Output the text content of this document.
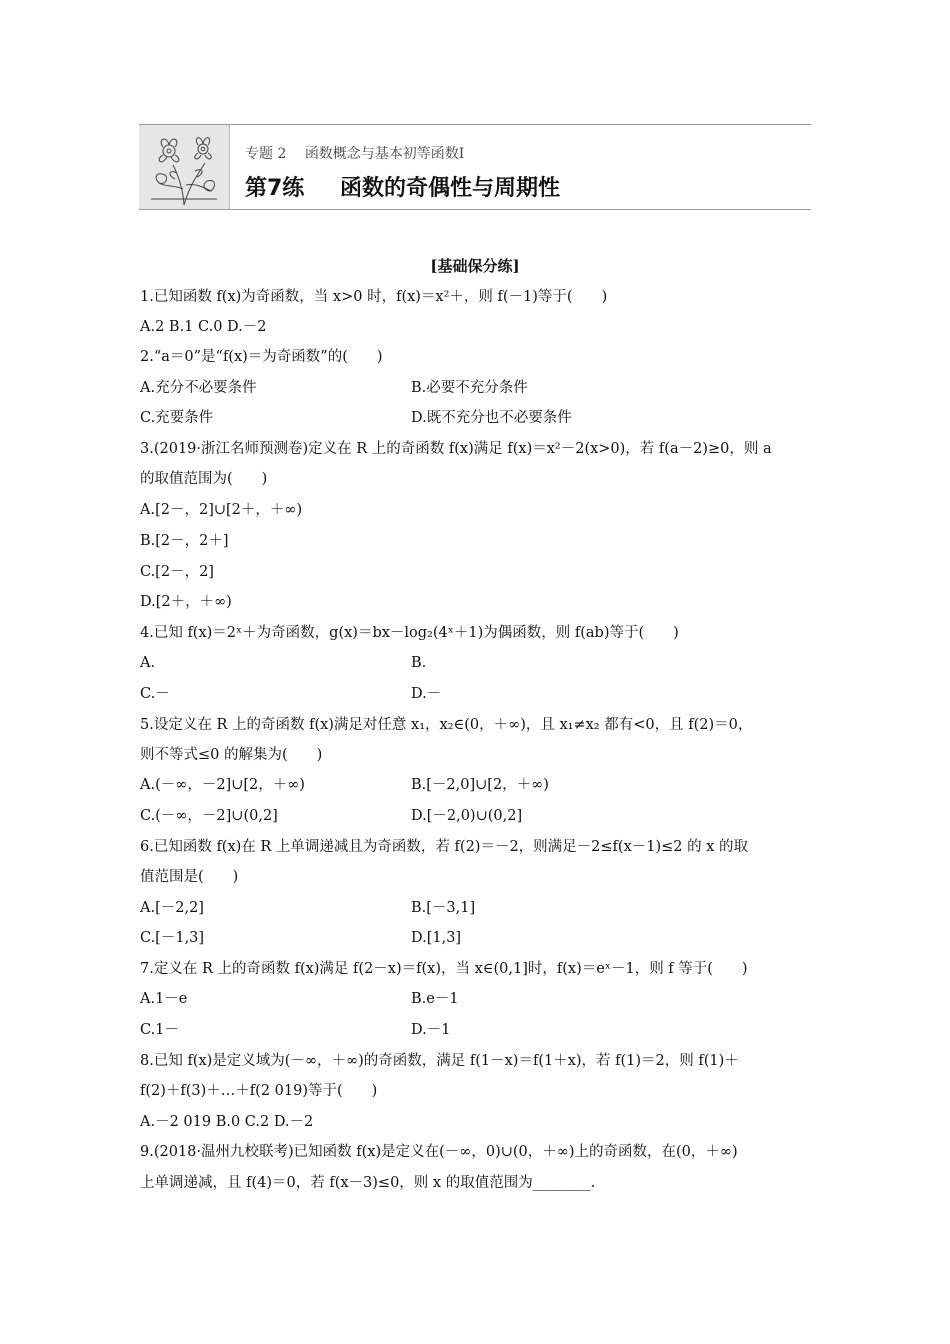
专题 2 函数概念与基本初等函数Ⅰ
第7练 函数的奇偶性与周期性
[基础保分练]
1.已知函数 f(x)为奇函数，当 x>0 时，f(x)＝x²＋，则 f(－1)等于(　　)
A.2 B.1 C.0 D.－2
2.“a＝0”是“f(x)＝为奇函数”的(　　)
A.充分不必要条件	B.必要不充分条件
C.充要条件	D.既不充分也不必要条件
3.(2019·浙江名师预测卷)定义在 R 上的奇函数 f(x)满足 f(x)＝x²－2(x>0)，若 f(a－2)≥0，则 a
的取值范围为(　　)
A.[2－，2]∪[2＋，＋∞)
B.[2－，2＋]
C.[2－，2]
D.[2＋，＋∞)
4.已知 f(x)＝2ˣ＋为奇函数，g(x)＝bx－log₂(4ˣ＋1)为偶函数，则 f(ab)等于(　　)
A.	B.
C.－	D.－
5.设定义在 R 上的奇函数 f(x)满足对任意 x₁，x₂∈(0，＋∞)，且 x₁≠x₂ 都有<0，且 f(2)＝0，
则不等式≤0 的解集为(　　)
A.(－∞，－2]∪[2，＋∞)	B.[－2,0]∪[2，＋∞)
C.(－∞，－2]∪(0,2]	D.[－2,0)∪(0,2]
6.已知函数 f(x)在 R 上单调递减且为奇函数，若 f(2)＝－2，则满足－2≤f(x－1)≤2 的 x 的取
值范围是(　　)
A.[－2,2]	B.[－3,1]
C.[－1,3]	D.[1,3]
7.定义在 R 上的奇函数 f(x)满足 f(2－x)＝f(x)，当 x∈(0,1]时，f(x)＝eˣ－1，则 f 等于(　　)
A.1－e	B.e－1
C.1－	D.－1
8.已知 f(x)是定义域为(－∞，＋∞)的奇函数，满足 f(1－x)＝f(1＋x)，若 f(1)＝2，则 f(1)＋
f(2)＋f(3)＋…＋f(2 019)等于(　　)
A.－2 019 B.0 C.2 D.－2
9.(2018·温州九校联考)已知函数 f(x)是定义在(－∞，0)∪(0，＋∞)上的奇函数，在(0，＋∞)
上单调递减，且 f(4)＝0，若 f(x－3)≤0，则 x 的取值范围为________.
